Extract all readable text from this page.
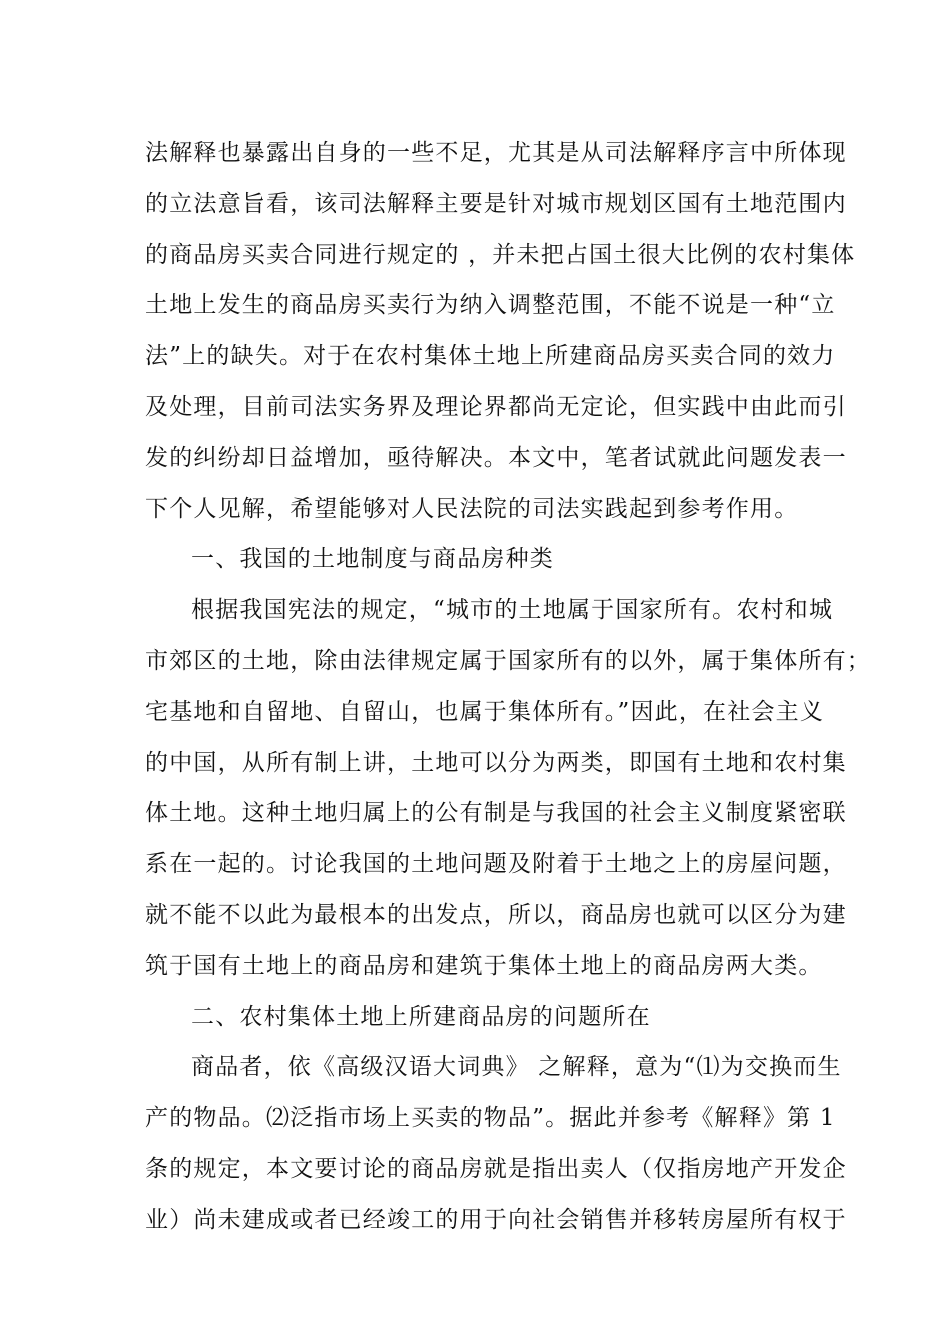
法解释也暴露出自身的一些不足，尤其是从司法解释序言中所体现
的立法意旨看，该司法解释主要是针对城市规划区国有土地范围内
的商品房买卖合同进行规定的 ，并未把占国土很大比例的农村集体
土地上发生的商品房买卖行为纳入调整范围，不能不说是一种“立
法”上的缺失。对于在农村集体土地上所建商品房买卖合同的效力
及处理，目前司法实务界及理论界都尚无定论，但实践中由此而引
发的纠纷却日益增加，亟待解决。本文中，笔者试就此问题发表一
下个人见解，希望能够对人民法院的司法实践起到参考作用。
一、我国的土地制度与商品房种类
根据我国宪法的规定，“城市的土地属于国家所有。农村和城
市郊区的土地，除由法律规定属于国家所有的以外，属于集体所有；
宅基地和自留地、自留山，也属于集体所有。”因此，在社会主义
的中国，从所有制上讲，土地可以分为两类，即国有土地和农村集
体土地。这种土地归属上的公有制是与我国的社会主义制度紧密联
系在一起的。讨论我国的土地问题及附着于土地之上的房屋问题，
就不能不以此为最根本的出发点，所以，商品房也就可以区分为建
筑于国有土地上的商品房和建筑于集体土地上的商品房两大类。
二、农村集体土地上所建商品房的问题所在
商品者，依《高级汉语大词典》 之解释，意为“⑴为交换而生
产的物品。⑵泛指市场上买卖的物品”。据此并参考《解释》第 1
条的规定，本文要讨论的商品房就是指出卖人（仅指房地产开发企
业）尚未建成或者已经竣工的用于向社会销售并移转房屋所有权于
